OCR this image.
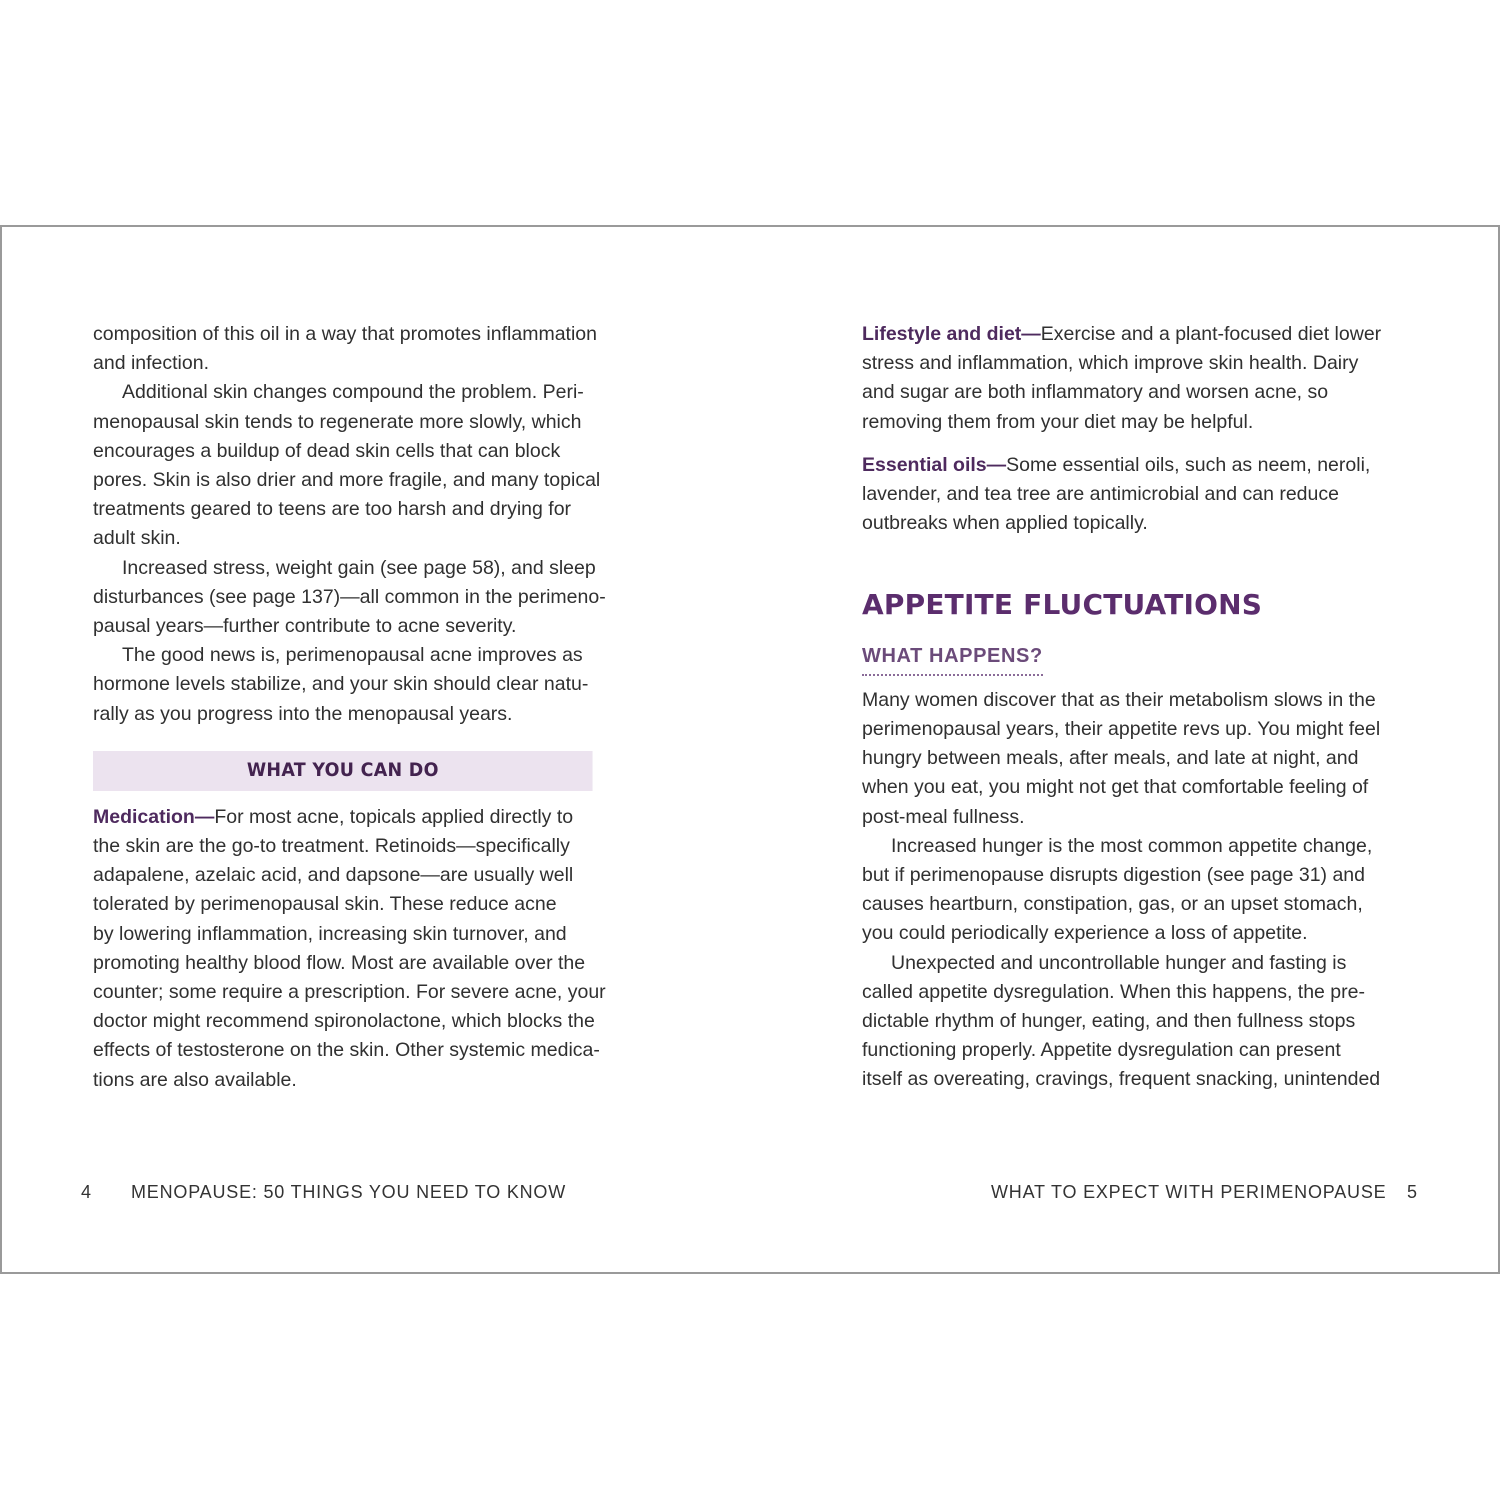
composition of this oil in a way that promotes inflammation
and infection.
Additional skin changes compound the problem. Peri-
menopausal skin tends to regenerate more slowly, which
encourages a buildup of dead skin cells that can block
pores. Skin is also drier and more fragile, and many topical
treatments geared to teens are too harsh and drying for
adult skin.
Increased stress, weight gain (see page 58), and sleep
disturbances (see page 137)—all common in the perimeno-
pausal years—further contribute to acne severity.
The good news is, perimenopausal acne improves as
hormone levels stabilize, and your skin should clear natu-
rally as you progress into the menopausal years.
WHAT YOU CAN DO
Medication—For most acne, topicals applied directly to
the skin are the go-to treatment. Retinoids—specifically
adapalene, azelaic acid, and dapsone—are usually well
tolerated by perimenopausal skin. These reduce acne
by lowering inflammation, increasing skin turnover, and
promoting healthy blood flow. Most are available over the
counter; some require a prescription. For severe acne, your
doctor might recommend spironolactone, which blocks the
effects of testosterone on the skin. Other systemic medica-
tions are also available.
4 MENOPAUSE: 50 THINGS YOU NEED TO KNOW
Lifestyle and diet—Exercise and a plant-focused diet lower
stress and inflammation, which improve skin health. Dairy
and sugar are both inflammatory and worsen acne, so
removing them from your diet may be helpful.
Essential oils—Some essential oils, such as neem, neroli,
lavender, and tea tree are antimicrobial and can reduce
outbreaks when applied topically.
APPETITE FLUCTUATIONS
WHAT HAPPENS?
Many women discover that as their metabolism slows in the
perimenopausal years, their appetite revs up. You might feel
hungry between meals, after meals, and late at night, and
when you eat, you might not get that comfortable feeling of
post-meal fullness.
Increased hunger is the most common appetite change,
but if perimenopause disrupts digestion (see page 31) and
causes heartburn, constipation, gas, or an upset stomach,
you could periodically experience a loss of appetite.
Unexpected and uncontrollable hunger and fasting is
called appetite dysregulation. When this happens, the pre-
dictable rhythm of hunger, eating, and then fullness stops
functioning properly. Appetite dysregulation can present
itself as overeating, cravings, frequent snacking, unintended
WHAT TO EXPECT WITH PERIMENOPAUSE 5
